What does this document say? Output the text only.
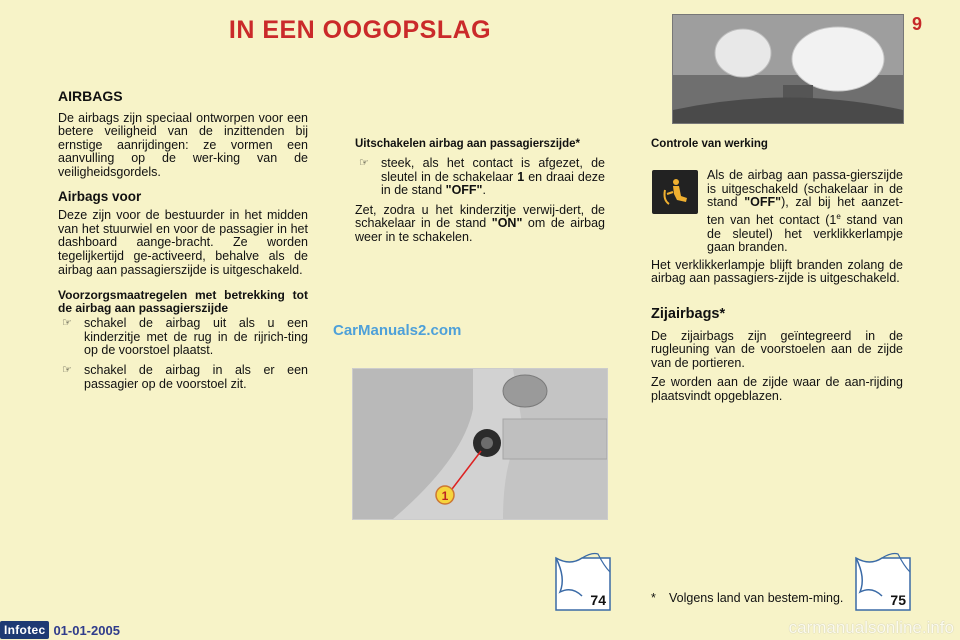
IN EEN OOGOPSLAG	9
AIRBAGS

De airbags zijn speciaal ontworpen voor een betere veiligheid van de inzittenden bij ernstige aanrijdingen: ze vormen een aanvulling op de wer-king van de veiligheidsgordels.

Airbags voor

Deze zijn voor de bestuurder in het midden van het stuurwiel en voor de passagier in het dashboard aange-bracht. Ze worden tegelijkertijd ge-activeerd, behalve als de airbag aan passagierszijde is uitgeschakeld.

Voorzorgsmaatregelen met betrekking tot de airbag aan passagierszijde
☞ schakel de airbag uit als u een kinderzitje met de rug in de rijrich-ting op de voorstoel plaatst.
☞ schakel de airbag in als er een passagier op de voorstoel zit.
Uitschakelen airbag aan passagierszijde*
☞ steek, als het contact is afgezet, de sleutel in de schakelaar 1 en draai deze in de stand "OFF".

Zet, zodra u het kinderzitje verwij-dert, de schakelaar in de stand "ON" om de airbag weer in te schakelen.

CarManuals2.com
1
Controle van werking

Als de airbag aan passa-gierszijde is uitgeschakeld (schakelaar in de stand "OFF"), zal bij het aanzet-ten van het contact (1e stand van de sleutel) het verklikkerlampje gaan branden.

Het verklikkerlampje blijft branden zolang de airbag aan passagiers-zijde is uitgeschakeld.

Zijairbags*

De zijairbags zijn geïntegreerd in de rugleuning van de voorstoelen aan de zijde van de portieren.

Ze worden aan de zijde waar de aan-rijding plaatsvindt opgeblazen.

*	Volgens land van bestem-ming.
74	75
Infotec 01-01-2005	carmanualsonline.info
